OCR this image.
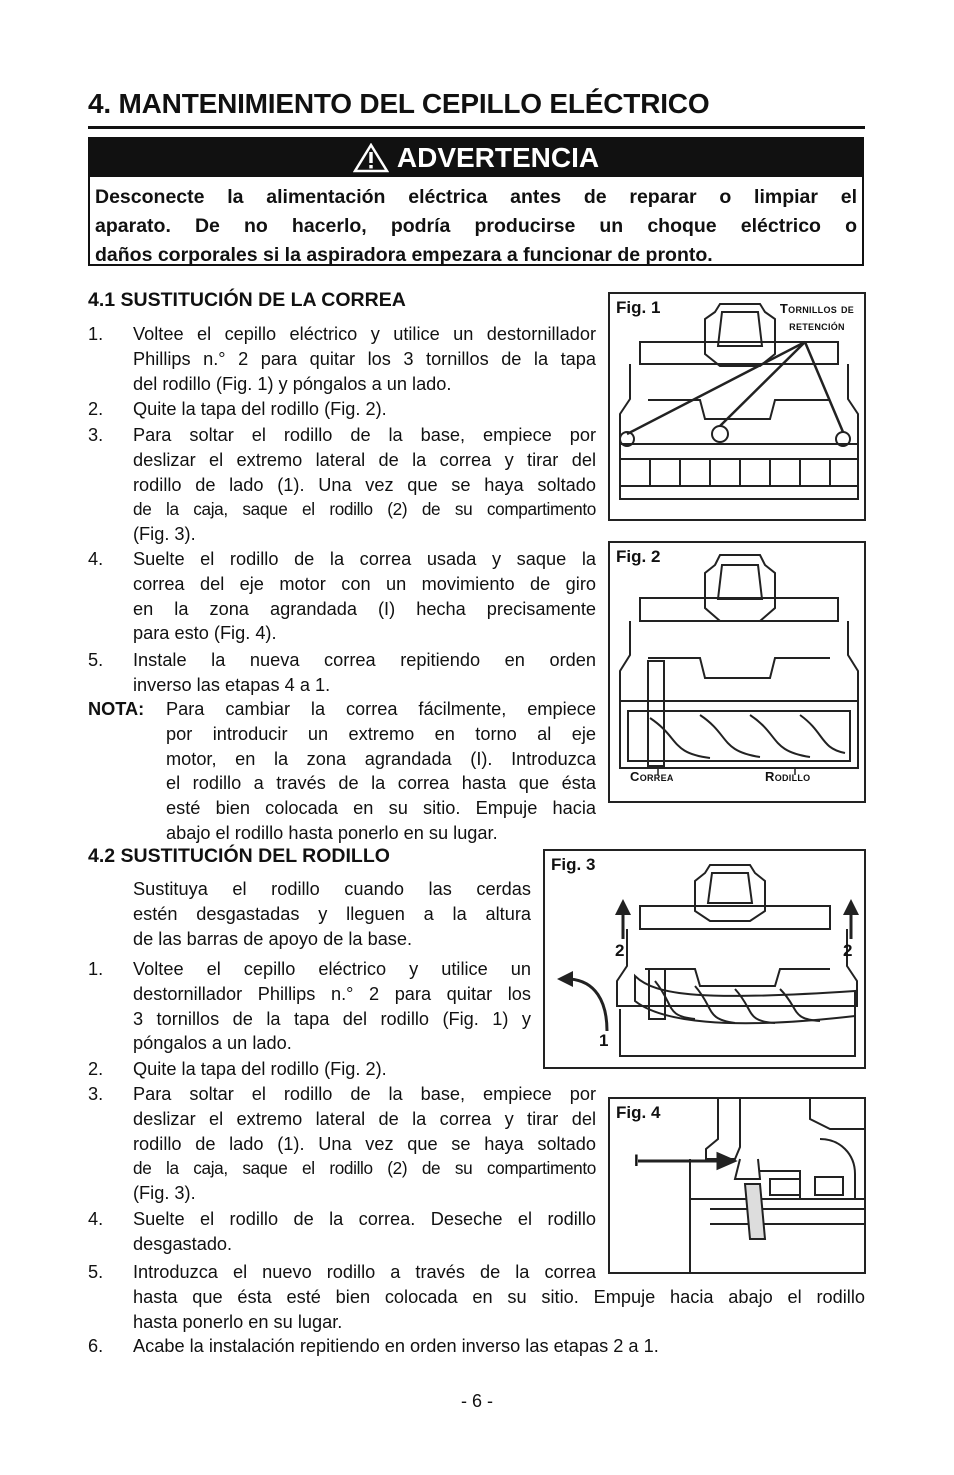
4. MANTENIMIENTO DEL CEPILLO ELÉCTRICO
ADVERTENCIA
Desconecte la alimentación eléctrica antes de reparar o limpiar el
aparato. De no hacerlo, podría producirse un choque eléctrico o
daños corporales si la aspiradora empezara a funcionar de pronto.
4.1 SUSTITUCIÓN DE LA CORREA
1. Voltee el cepillo eléctrico y utilice un destornillador
Phillips n.° 2 para quitar los 3 tornillos de la tapa
del rodillo (Fig. 1) y póngalos a un lado.
2. Quite la tapa del rodillo (Fig. 2).
3. Para soltar el rodillo de la base, empiece por
deslizar el extremo lateral de la correa y tirar del
rodillo de lado (1). Una vez que se haya soltado
de la caja, saque el rodillo (2) de su compartimento
(Fig. 3).
4. Suelte el rodillo de la correa usada y saque la
correa del eje motor con un movimiento de giro
en la zona agrandada (I) hecha precisamente
para esto (Fig. 4).
5. Instale la nueva correa repitiendo en orden
inverso las etapas 4 a 1.
NOTA: Para cambiar la correa fácilmente, empiece
por introducir un extremo en torno al eje
motor, en la zona agrandada (I). Introduzca
el rodillo a través de la correa hasta que ésta
esté bien colocada en su sitio. Empuje hacia
abajo el rodillo hasta ponerlo en su lugar.
4.2 SUSTITUCIÓN DEL RODILLO
Sustituya el rodillo cuando las cerdas
estén desgastadas y lleguen a la altura
de las barras de apoyo de la base.
1. Voltee el cepillo eléctrico y utilice un
destornillador Phillips n.° 2 para quitar los
3 tornillos de la tapa del rodillo (Fig. 1) y
póngalos a un lado.
2. Quite la tapa del rodillo (Fig. 2).
3. Para soltar el rodillo de la base, empiece por
deslizar el extremo lateral de la correa y tirar del
rodillo de lado (1). Una vez que se haya soltado
de la caja, saque el rodillo (2) de su compartimento
(Fig. 3).
4. Suelte el rodillo de la correa. Deseche el rodillo
desgastado.
5. Introduzca el nuevo rodillo a través de la correa
hasta que ésta esté bien colocada en su sitio. Empuje hacia abajo el rodillo
hasta ponerlo en su lugar.
6. Acabe la instalación repitiendo en orden inverso las etapas 2 a 1.
Fig. 1	Tornillos de
retención
Fig. 2
Correa	Rodillo
Fig. 3
2	2
1
Fig. 4
I
- 6 -
